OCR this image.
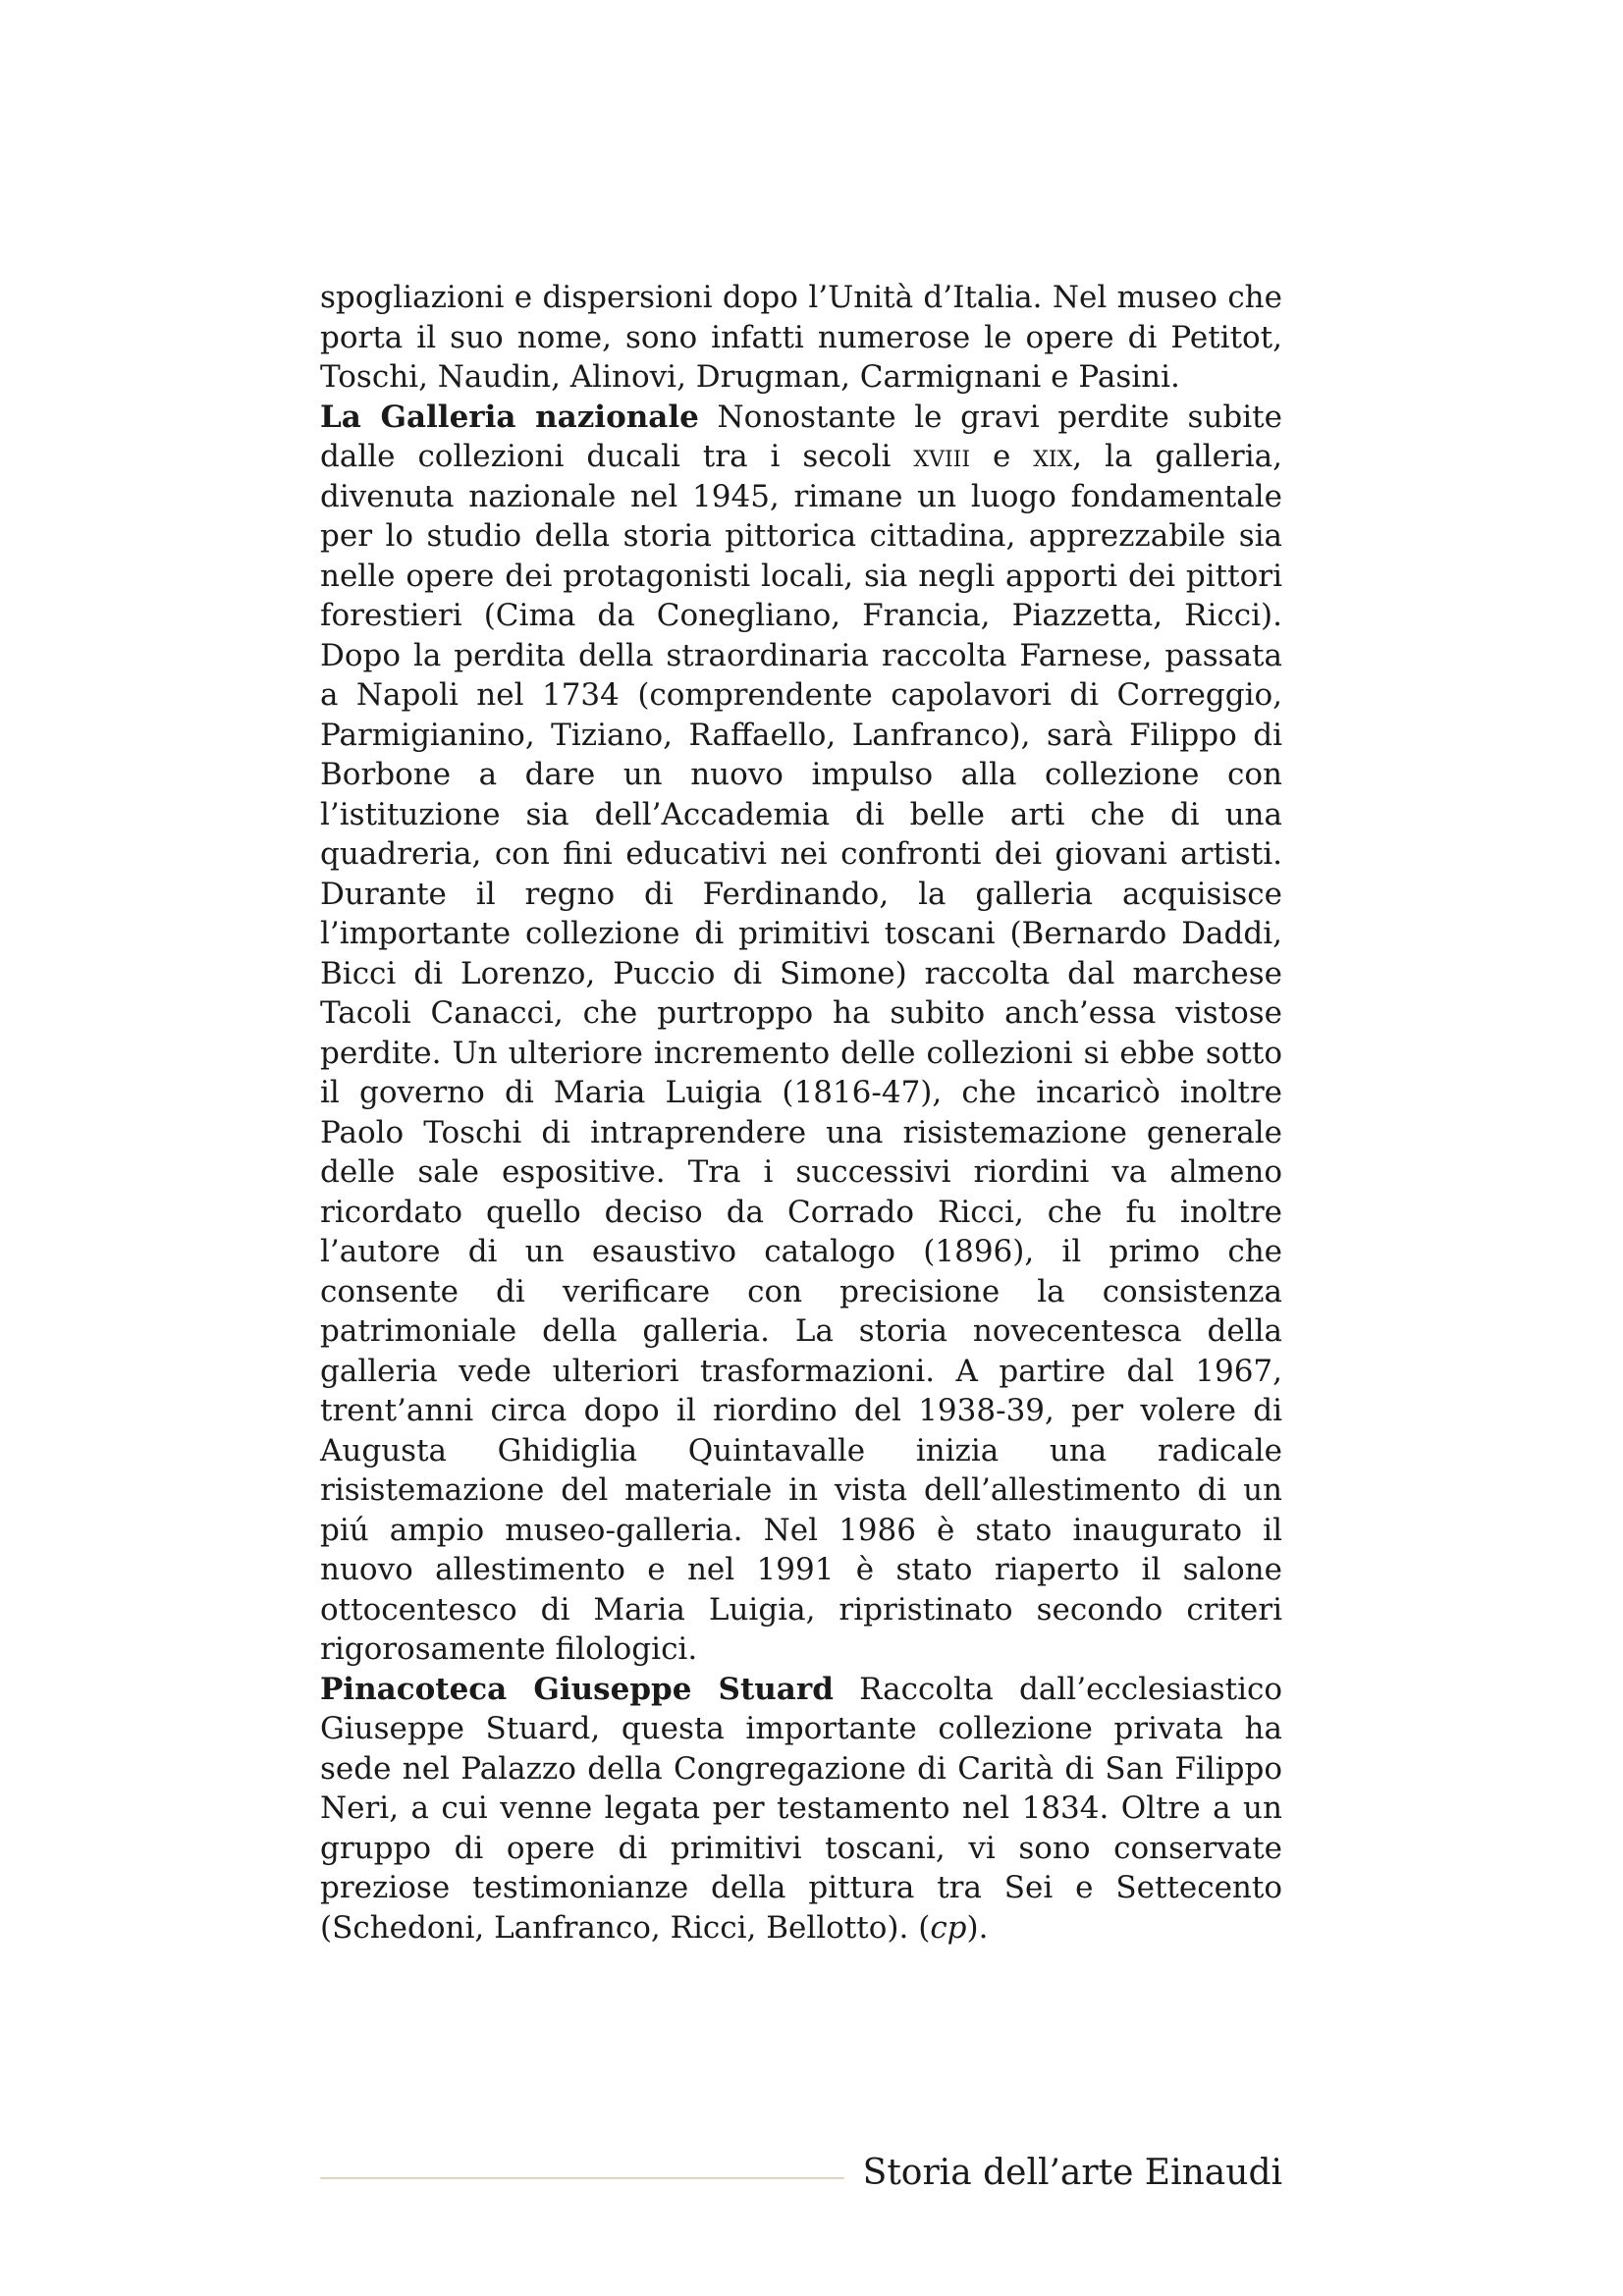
spogliazioni e dispersioni dopo l’Unità d’Italia. Nel museo che porta il suo nome, sono infatti numerose le opere di Petitot, Toschi, Naudin, Alinovi, Drugman, Carmignani e Pasini.

La Galleria nazionale Nonostante le gravi perdite subite dalle collezioni ducali tra i secoli xviii e xix, la galleria, divenuta nazionale nel 1945, rimane un luogo fondamentale per lo studio della storia pittorica cittadina, apprezzabile sia nelle opere dei protagonisti locali, sia negli apporti dei pittori forestieri (Cima da Conegliano, Francia, Piazzetta, Ricci). Dopo la perdita della straordinaria raccolta Farnese, passata a Napoli nel 1734 (comprendente capolavori di Correggio, Parmigianino, Tiziano, Raffaello, Lanfranco), sarà Filippo di Borbone a dare un nuovo impulso alla collezione con l’istituzione sia dell’Accademia di belle arti che di una quadreria, con fini educativi nei confronti dei giovani artisti. Durante il regno di Ferdinando, la galleria acquisisce l’importante collezione di primitivi toscani (Bernardo Daddi, Bicci di Lorenzo, Puccio di Simone) raccolta dal marchese Tacoli Canacci, che purtroppo ha subito anch’essa vistose perdite. Un ulteriore incremento delle collezioni si ebbe sotto il governo di Maria Luigia (1816-47), che incaricò inoltre Paolo Toschi di intraprendere una risistemazione generale delle sale espositive. Tra i successivi riordini va almeno ricordato quello deciso da Corrado Ricci, che fu inoltre l’autore di un esaustivo catalogo (1896), il primo che consente di verificare con precisione la consistenza patrimoniale della galleria. La storia novecentesca della galleria vede ulteriori trasformazioni. A partire dal 1967, trent’anni circa dopo il riordino del 1938-39, per volere di Augusta Ghidiglia Quintavalle inizia una radicale risistemazione del materiale in vista dell’allestimento di un piú ampio museo-galleria. Nel 1986 è stato inaugurato il nuovo allestimento e nel 1991 è stato riaperto il salone ottocentesco di Maria Luigia, ripristinato secondo criteri rigorosamente filologici.

Pinacoteca Giuseppe Stuard Raccolta dall’ecclesiastico Giuseppe Stuard, questa importante collezione privata ha sede nel Palazzo della Congregazione di Carità di San Filippo Neri, a cui venne legata per testamento nel 1834. Oltre a un gruppo di opere di primitivi toscani, vi sono conservate preziose testimonianze della pittura tra Sei e Settecento (Schedoni, Lanfranco, Ricci, Bellotto). (cp).

Storia dell’arte Einaudi
